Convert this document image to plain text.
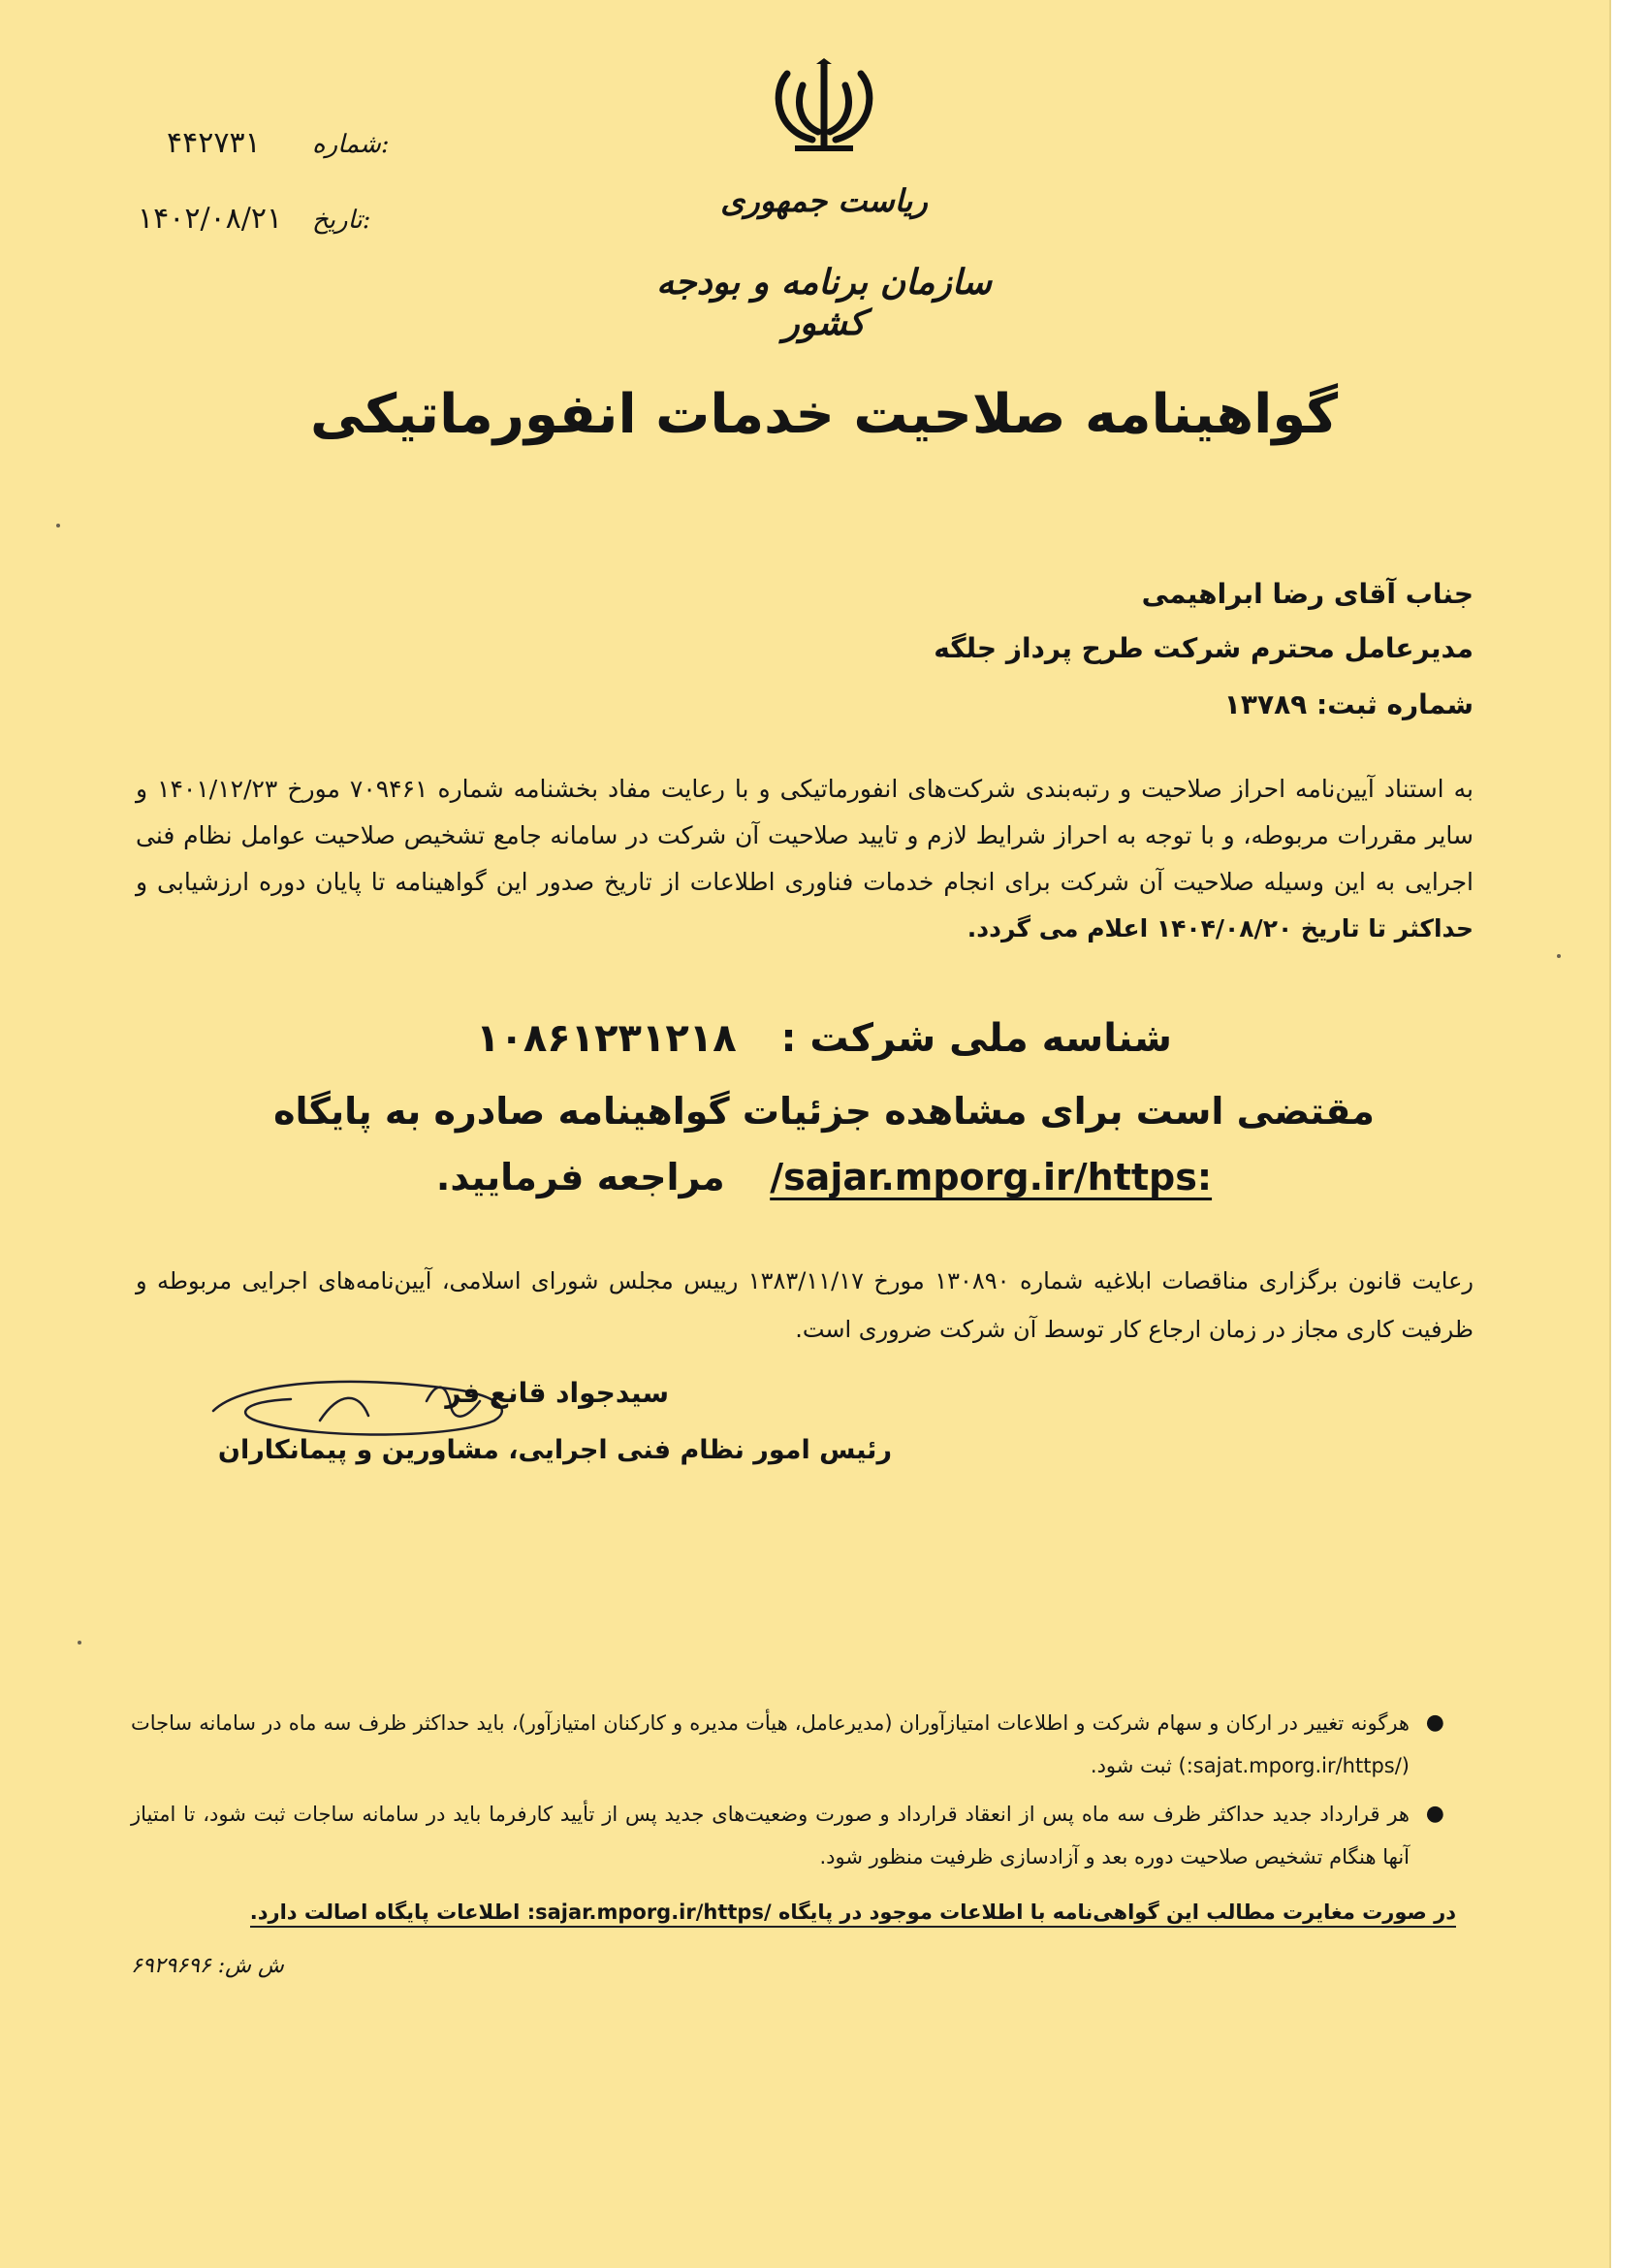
شماره:
۴۴۲۷۳۱
تاریخ:
۱۴۰۲/۰۸/۲۱	ریاست جمهوری
سازمان برنامه و بودجه کشور
گواهینامه صلاحیت خدمات انفورماتیکی
جناب آقای رضا ابراهیمی
مدیرعامل محترم شرکت طرح پرداز جلگه
شماره ثبت: ۱۳۷۸۹
به استناد آیین‌نامه احراز صلاحیت و رتبه‌بندی شرکت‌های انفورماتیکی و با رعایت مفاد بخشنامه شماره ۷۰۹۴۶۱ مورخ ۱۴۰۱/۱۲/۲۳ و سایر مقررات مربوطه، و با توجه به احراز شرایط لازم و تایید صلاحیت آن شرکت در سامانه جامع تشخیص صلاحیت عوامل نظام فنی اجرایی به این وسیله صلاحیت آن شرکت برای انجام خدمات فناوری اطلاعات از تاریخ صدور این گواهینامه تا پایان دوره ارزشیابی و حداکثر تا تاریخ ۱۴۰۴/۰۸/۲۰ اعلام می گردد.
شناسه ملی شرکت :  ۱۰۸۶۱۲۳۱۲۱۸
مقتضی است برای مشاهده جزئیات گواهینامه صادره به پایگاه
/sajar.mporg.ir/https:  مراجعه فرمایید.
رعایت قانون برگزاری مناقصات ابلاغیه شماره ۱۳۰۸۹۰ مورخ ۱۳۸۳/۱۱/۱۷ رییس مجلس شورای اسلامی، آیین‌نامه‌های اجرایی مربوطه و ظرفیت کاری مجاز در زمان ارجاع کار توسط آن شرکت ضروری است.
سیدجواد قانع فر
رئیس امور نظام فنی اجرایی، مشاورین و پیمانکاران
●
هرگونه تغییر در ارکان و سهام شرکت و اطلاعات امتیازآوران (مدیرعامل، هیأت مدیره و کارکنان امتیازآور)، باید حداکثر ظرف سه ماه در سامانه ساجات (/sajat.mporg.ir/https:) ثبت شود.
●
هر قرارداد جدید حداکثر ظرف سه ماه پس از انعقاد قرارداد و صورت وضعیت‌های جدید پس از تأیید کارفرما باید در سامانه ساجات ثبت شود، تا امتیاز آنها هنگام تشخیص صلاحیت دوره بعد و آزادسازی ظرفیت منظور شود.
در صورت مغایرت مطالب این گواهی‌نامه با اطلاعات موجود در پایگاه /sajar.mporg.ir/https: اطلاعات پایگاه اصالت دارد.
ش ش: ۶۹۲۹۶۹۶
